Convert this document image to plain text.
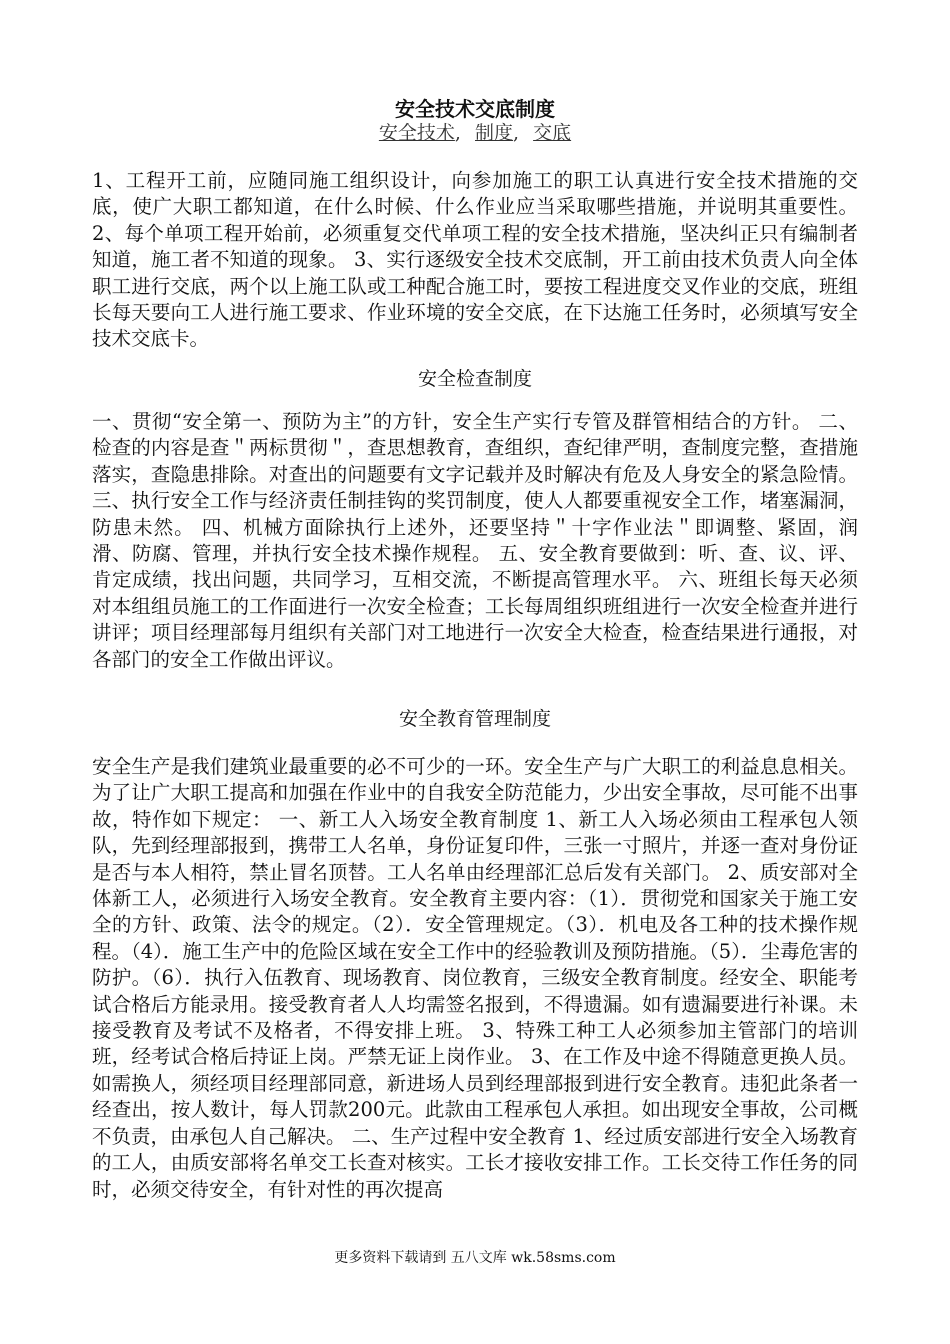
安全技术交底制度
安全技术, 制度, 交底

1、工程开工前，应随同施工组织设计，向参加施工的职工认真进行安全技术措施的交底，使广大职工都知道，在什么时候、什么作业应当采取哪些措施，并说明其重要性。 2、每个单项工程开始前，必须重复交代单项工程的安全技术措施，坚决纠正只有编制者知道，施工者不知道的现象。 3、实行逐级安全技术交底制，开工前由技术负责人向全体职工进行交底，两个以上施工队或工种配合施工时，要按工程进度交叉作业的交底，班组长每天要向工人进行施工要求、作业环境的安全交底，在下达施工任务时，必须填写安全技术交底卡。

安全检查制度

一、贯彻“安全第一、预防为主”的方针，安全生产实行专管及群管相结合的方针。 二、检查的内容是查＂两标贯彻＂，查思想教育，查组织，查纪律严明，查制度完整，查措施落实，查隐患排除。对查出的问题要有文字记载并及时解决有危及人身安全的紧急险情。 三、执行安全工作与经济责任制挂钩的奖罚制度，使人人都要重视安全工作，堵塞漏洞，防患未然。 四、机械方面除执行上述外，还要坚持＂十字作业法＂即调整、紧固，润滑、防腐、管理，并执行安全技术操作规程。 五、安全教育要做到：听、查、议、评、肯定成绩，找出问题，共同学习，互相交流，不断提高管理水平。 六、班组长每天必须对本组组员施工的工作面进行一次安全检查；工长每周组织班组进行一次安全检查并进行讲评；项目经理部每月组织有关部门对工地进行一次安全大检查，检查结果进行通报，对各部门的安全工作做出评议。

安全教育管理制度

安全生产是我们建筑业最重要的必不可少的一环。安全生产与广大职工的利益息息相关。为了让广大职工提高和加强在作业中的自我安全防范能力，少出安全事故，尽可能不出事故，特作如下规定： 一、新工人入场安全教育制度 1、新工人入场必须由工程承包人领队，先到经理部报到，携带工人名单，身份证复印件，三张一寸照片，并逐一查对身份证是否与本人相符，禁止冒名顶替。工人名单由经理部汇总后发有关部门。 2、质安部对全体新工人，必须进行入场安全教育。安全教育主要内容：（1）．贯彻党和国家关于施工安全的方针、政策、法令的规定。（2）．安全管理规定。（3）．机电及各工种的技术操作规程。（4）．施工生产中的危险区域在安全工作中的经验教训及预防措施。（5）．尘毒危害的防护。（6）．执行入伍教育、现场教育、岗位教育，三级安全教育制度。经安全、职能考试合格后方能录用。接受教育者人人均需签名报到，不得遗漏。如有遗漏要进行补课。未接受教育及考试不及格者，不得安排上班。 3、特殊工种工人必须参加主管部门的培训班，经考试合格后持证上岗。严禁无证上岗作业。 3、在工作及中途不得随意更换人员。如需换人，须经项目经理部同意，新进场人员到经理部报到进行安全教育。违犯此条者一经查出，按人数计，每人罚款200元。此款由工程承包人承担。如出现安全事故，公司概不负责，由承包人自己解决。 二、生产过程中安全教育 1、经过质安部进行安全入场教育的工人，由质安部将名单交工长查对核实。工长才接收安排工作。工长交待工作任务的同时，必须交待安全，有针对性的再次提高

更多资料下载请到 五八文库 wk.58sms.com
